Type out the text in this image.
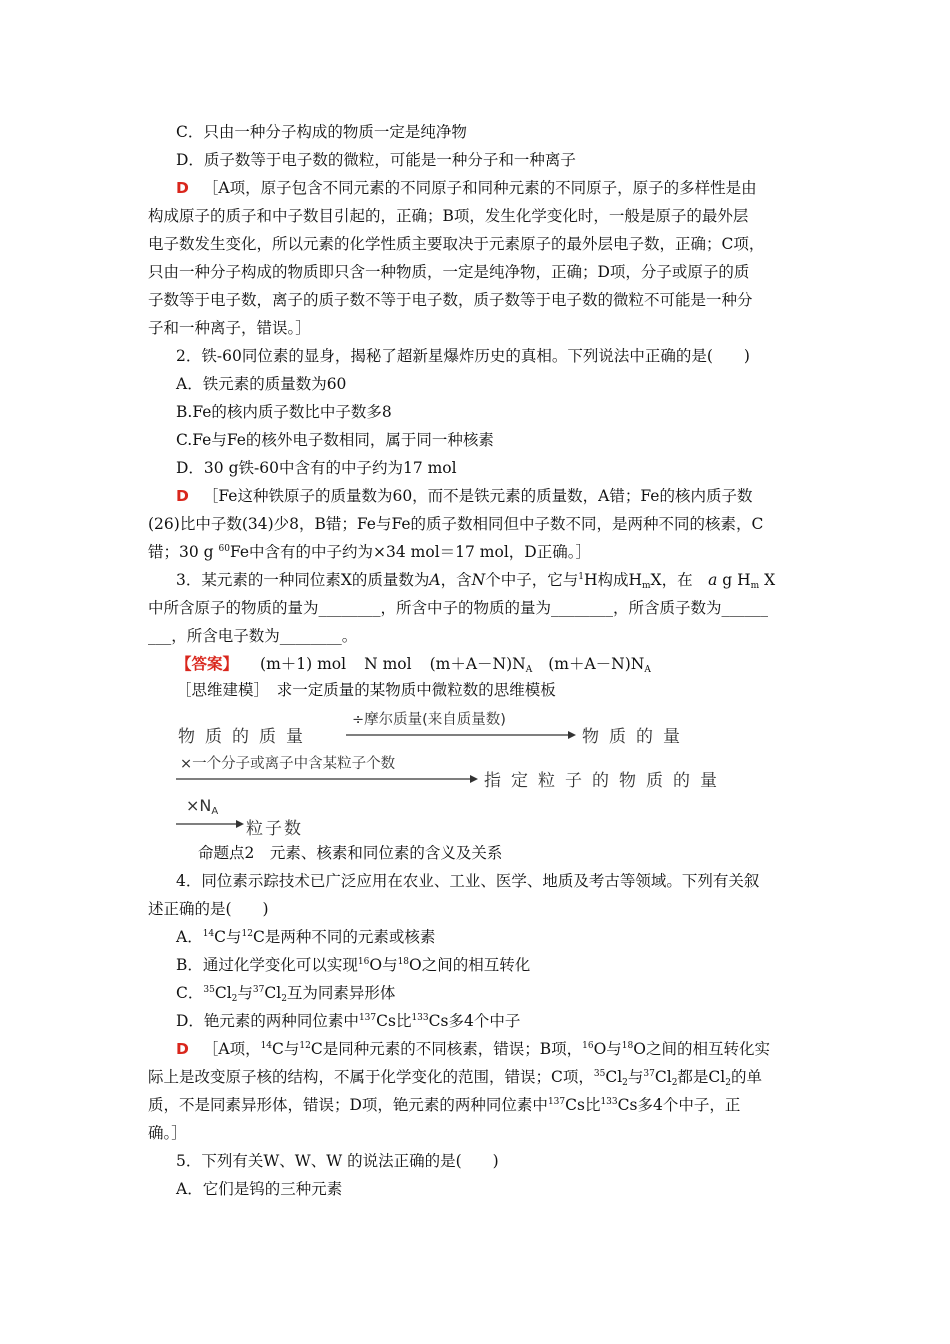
C．只由一种分子构成的物质一定是纯净物
D．质子数等于电子数的微粒，可能是一种分子和一种离子
D ［A项，原子包含不同元素的不同原子和同种元素的不同原子，原子的多样性是由
构成原子的质子和中子数目引起的，正确；B项，发生化学变化时，一般是原子的最外层
电子数发生变化，所以元素的化学性质主要取决于元素原子的最外层电子数，正确；C项，
只由一种分子构成的物质即只含一种物质，一定是纯净物，正确；D项，分子或原子的质
子数等于电子数，离子的质子数不等于电子数，质子数等于电子数的微粒不可能是一种分
子和一种离子，错误。］
2．铁-60同位素的显身，揭秘了超新星爆炸历史的真相。下列说法中正确的是(　　)
A．铁元素的质量数为60
B.Fe的核内质子数比中子数多8
C.Fe与Fe的核外电子数相同，属于同一种核素
D．30 g铁-60中含有的中子约为17 mol
D ［Fe这种铁原子的质量数为60，而不是铁元素的质量数，A错；Fe的核内质子数
(26)比中子数(34)少8，B错；Fe与Fe的质子数相同但中子数不同，是两种不同的核素，C
错；30 g $^{60}$Fe中含有的中子约为×34 mol＝17 mol，D正确。］
3．某元素的一种同位素X的质量数为A，含N个中子，它与$^1$H构成$H_mX$，在　 a g $H_m$ X
中所含原子的物质的量为________，所含中子的物质的量为________，所含质子数为______
___，所含电子数为________。
【答案】 (m＋1) mol N mol $(m+A-N)N_A$ $(m+A-N)N_A$
［思维建模］　求一定质量的某物质中微粒数的思维模板
物质的质量
÷摩尔质量(来自质量数)
物质的量
×一个分子或离子中含某粒子个数
指定粒子的物质的量
$\times N_A$
粒子数
命题点2　元素、核素和同位素的含义及关系
4．同位素示踪技术已广泛应用在农业、工业、医学、地质及考古等领域。下列有关叙
述正确的是(　　)
A．$^{14}$C与$^{12}$C是两种不同的元素或核素
B．通过化学变化可以实现$^{16}$O与$^{18}$O之间的相互转化
C．$^{35}Cl_2$与$^{37}Cl_2$互为同素异形体
D．铯元素的两种同位素中$^{137}$Cs比$^{133}$Cs多4个中子
D ［A项，$^{14}$C与$^{12}$C是同种元素的不同核素，错误；B项，$^{16}$O与$^{18}$O之间的相互转化实
际上是改变原子核的结构，不属于化学变化的范围，错误；C项，$^{35}Cl_2$与$^{37}Cl_2$都是$Cl_2$的单
质，不是同素异形体，错误；D项，铯元素的两种同位素中$^{137}$Cs比$^{133}$Cs多4个中子，正
确。］
5．下列有关W、W、W 的说法正确的是(　　)
A．它们是钨的三种元素
